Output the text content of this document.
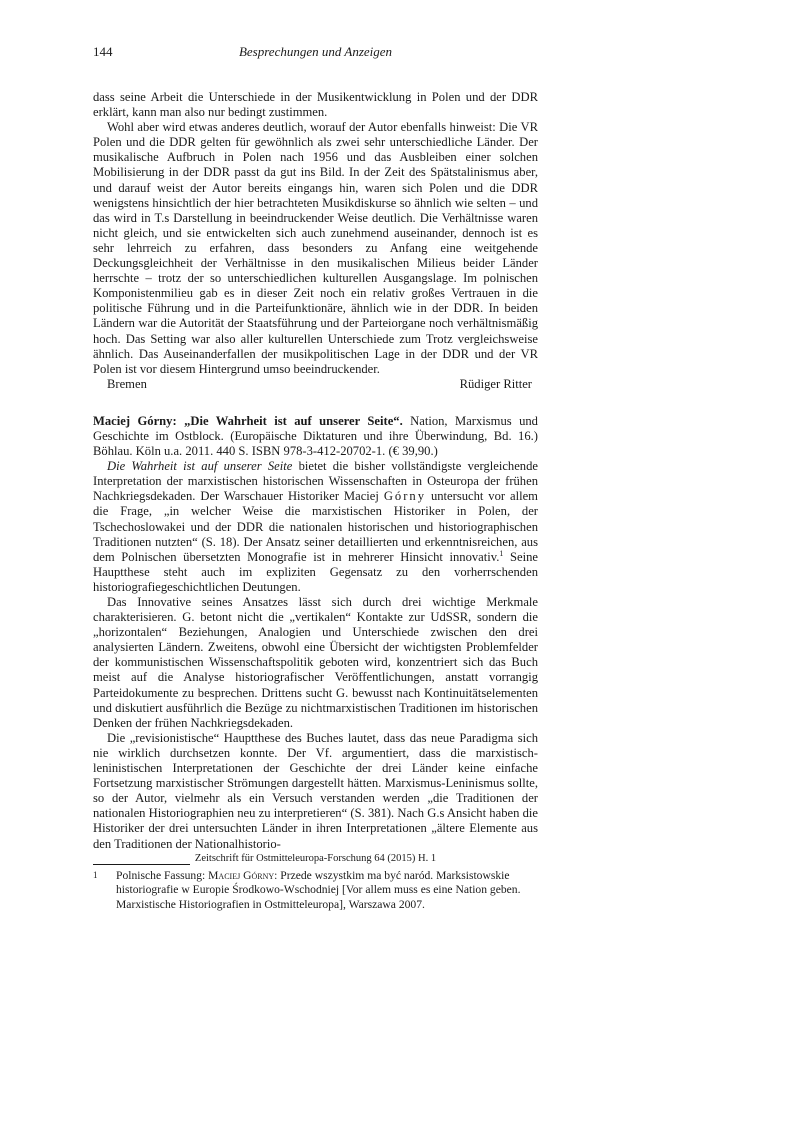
144	Besprechungen und Anzeigen

dass seine Arbeit die Unterschiede in der Musikentwicklung in Polen und der DDR erklärt, kann man also nur bedingt zustimmen.

Wohl aber wird etwas anderes deutlich, worauf der Autor ebenfalls hinweist: Die VR Polen und die DDR gelten für gewöhnlich als zwei sehr unterschiedliche Länder. Der musikalische Aufbruch in Polen nach 1956 und das Ausbleiben einer solchen Mobilisierung in der DDR passt da gut ins Bild. In der Zeit des Spätstalinismus aber, und darauf weist der Autor bereits eingangs hin, waren sich Polen und die DDR wenigstens hinsichtlich der hier betrachteten Musikdiskurse so ähnlich wie selten – und das wird in T.s Darstellung in beeindruckender Weise deutlich. Die Verhältnisse waren nicht gleich, und sie entwickelten sich auch zunehmend auseinander, dennoch ist es sehr lehrreich zu erfahren, dass besonders zu Anfang eine weitgehende Deckungsgleichheit der Verhältnisse in den musikalischen Milieus beider Länder herrschte – trotz der so unterschiedlichen kulturellen Ausgangslage. Im polnischen Komponistenmilieu gab es in dieser Zeit noch ein relativ großes Vertrauen in die politische Führung und in die Parteifunktionäre, ähnlich wie in der DDR. In beiden Ländern war die Autorität der Staatsführung und der Parteiorgane noch verhältnismäßig hoch. Das Setting war also aller kulturellen Unterschiede zum Trotz vergleichsweise ähnlich. Das Auseinanderfallen der musikpolitischen Lage in der DDR und der VR Polen ist vor diesem Hintergrund umso beeindruckender.

Bremen	Rüdiger Ritter

Maciej Górny: „Die Wahrheit ist auf unserer Seite“. Nation, Marxismus und Geschichte im Ostblock. (Europäische Diktaturen und ihre Überwindung, Bd. 16.) Böhlau. Köln u.a. 2011. 440 S. ISBN 978-3-412-20702-1. (€ 39,90.)

Die Wahrheit ist auf unserer Seite bietet die bisher vollständigste vergleichende Interpretation der marxistischen historischen Wissenschaften in Osteuropa der frühen Nachkriegsdekaden. Der Warschauer Historiker Maciej Górny untersucht vor allem die Frage, „in welcher Weise die marxistischen Historiker in Polen, der Tschechoslowakei und der DDR die nationalen historischen und historiographischen Traditionen nutzten“ (S. 18). Der Ansatz seiner detaillierten und erkenntnisreichen, aus dem Polnischen übersetzten Monografie ist in mehrerer Hinsicht innovativ.$^1$ Seine Hauptthese steht auch im expliziten Gegensatz zu den vorherrschenden historiografiegeschichtlichen Deutungen.

Das Innovative seines Ansatzes lässt sich durch drei wichtige Merkmale charakterisieren. G. betont nicht die „vertikalen“ Kontakte zur UdSSR, sondern die „horizontalen“ Beziehungen, Analogien und Unterschiede zwischen den drei analysierten Ländern. Zweitens, obwohl eine Übersicht der wichtigsten Problemfelder der kommunistischen Wissenschaftspolitik geboten wird, konzentriert sich das Buch meist auf die Analyse historiografischer Veröffentlichungen, anstatt vorrangig Parteidokumente zu besprechen. Drittens sucht G. bewusst nach Kontinuitätselementen und diskutiert ausführlich die Bezüge zu nichtmarxistischen Traditionen im historischen Denken der frühen Nachkriegsdekaden.

Die „revisionistische“ Hauptthese des Buches lautet, dass das neue Paradigma sich nie wirklich durchsetzen konnte. Der Vf. argumentiert, dass die marxistisch-leninistischen Interpretationen der Geschichte der drei Länder keine einfache Fortsetzung marxistischer Strömungen dargestellt hätten. Marxismus-Leninismus sollte, so der Autor, vielmehr als ein Versuch verstanden werden „die Traditionen der nationalen Historiographien neu zu interpretieren“ (S. 381). Nach G.s Ansicht haben die Historiker der drei untersuchten Länder in ihren Interpretationen „ältere Elemente aus den Traditionen der Nationalhistorio-

1	Polnische Fassung: Maciej Górny: Przede wszystkim ma być naród. Marksistowskie historiografie w Europie Środkowo-Wschodniej [Vor allem muss es eine Nation geben. Marxistische Historiografien in Ostmitteleuropa], Warszawa 2007.
Zeitschrift für Ostmitteleuropa-Forschung 64 (2015) H. 1
